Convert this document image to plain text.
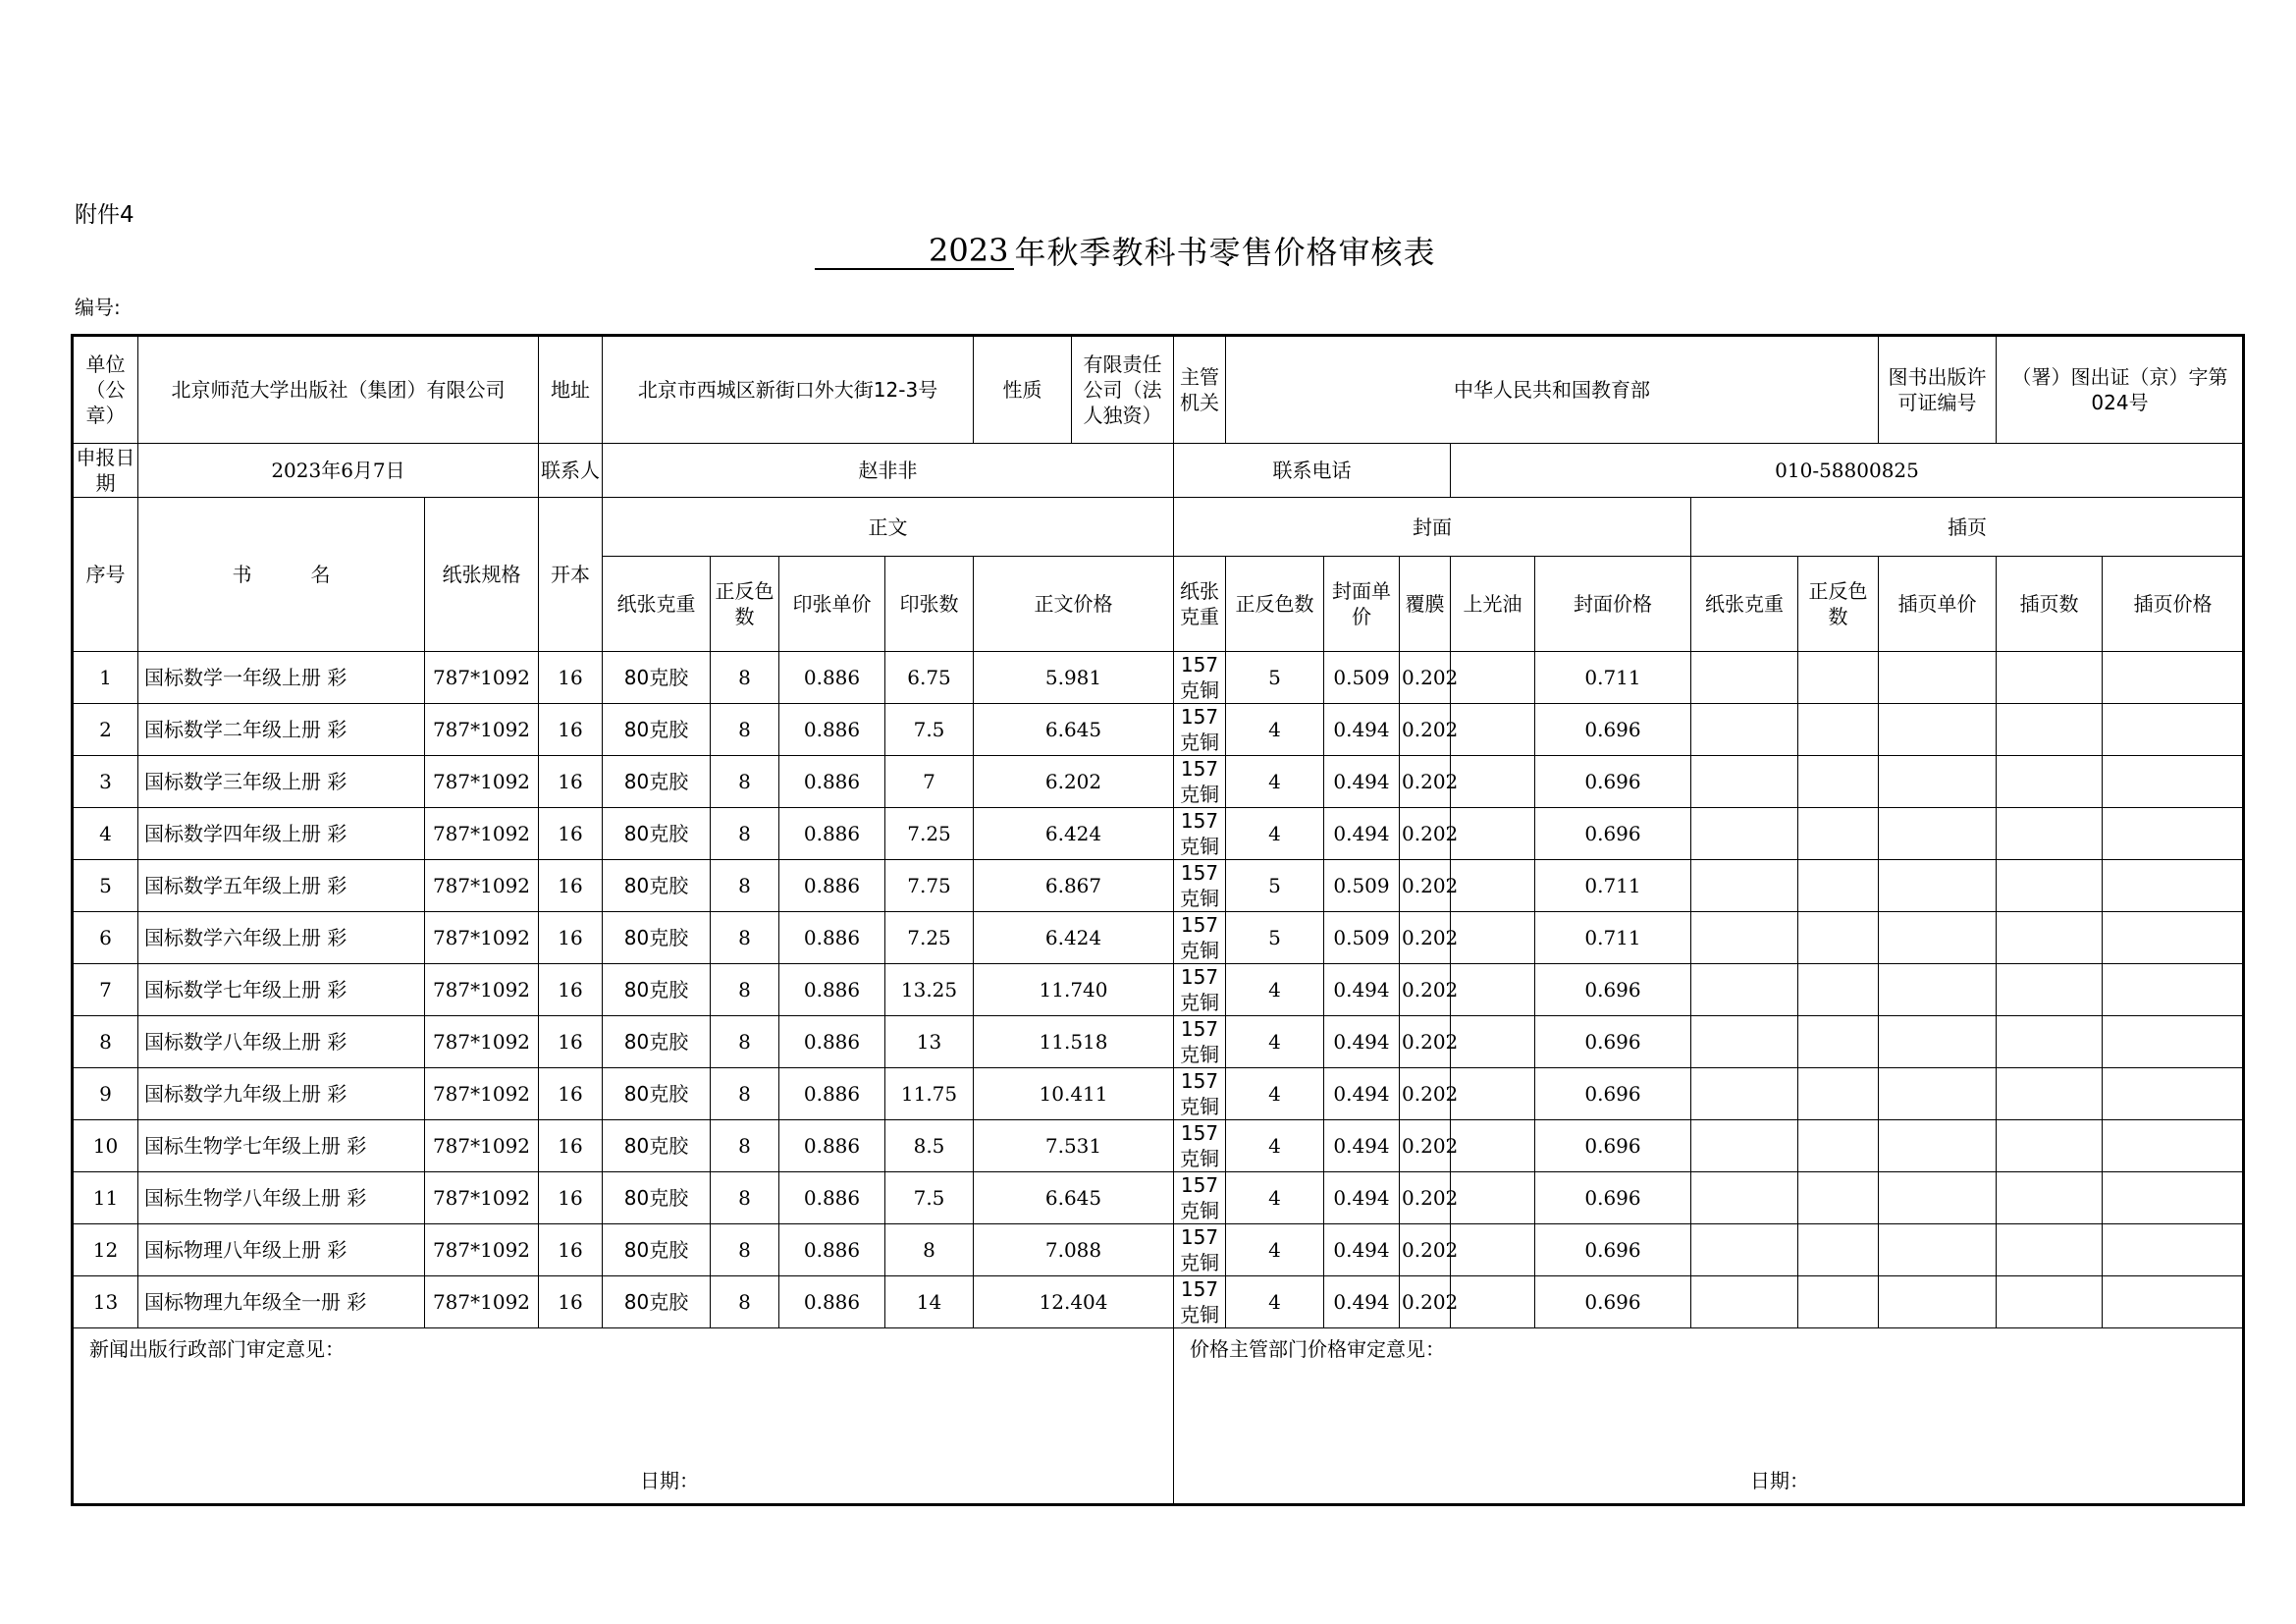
附件4
2023 年秋季教科书零售价格审核表
编号:
单位（公章）	北京师范大学出版社（集团）有限公司		地址	北京市西城区新街口外大街12-3号				性质	有限责任公司（法人独资）	主管机关	中华人民共和国教育部							图书出版许可证编号	（署）图出证（京）字第024号		
申报日期	2023年6月7日		联系人	赵非非						联系电话				010-58800825							
序号	书　　　名	纸张规格	开本	正文						封面						插页		
				纸张克重	正反色数	印张单价	印张数	正文价格		纸张克重	正反色数	封面单价	覆膜	上光油	封面价格	纸张克重	正反色数	插页单价	插页数	插页价格	
1	国标数学一年级上册 彩	787*1092	16	80克胶	8	0.886	6.75	5.981		157克铜	5	0.509	0.202		0.711							
2	国标数学二年级上册 彩	787*1092	16	80克胶	8	0.886	7.5	6.645		157克铜	4	0.494	0.202		0.696							
3	国标数学三年级上册 彩	787*1092	16	80克胶	8	0.886	7	6.202		157克铜	4	0.494	0.202		0.696							
4	国标数学四年级上册 彩	787*1092	16	80克胶	8	0.886	7.25	6.424		157克铜	4	0.494	0.202		0.696							
5	国标数学五年级上册 彩	787*1092	16	80克胶	8	0.886	7.75	6.867		157克铜	5	0.509	0.202		0.711							
6	国标数学六年级上册 彩	787*1092	16	80克胶	8	0.886	7.25	6.424		157克铜	5	0.509	0.202		0.711							
7	国标数学七年级上册 彩	787*1092	16	80克胶	8	0.886	13.25	11.740		157克铜	4	0.494	0.202		0.696							
8	国标数学八年级上册 彩	787*1092	16	80克胶	8	0.886	13	11.518		157克铜	4	0.494	0.202		0.696							
9	国标数学九年级上册 彩	787*1092	16	80克胶	8	0.886	11.75	10.411		157克铜	4	0.494	0.202		0.696							
10	国标生物学七年级上册 彩	787*1092	16	80克胶	8	0.886	8.5	7.531		157克铜	4	0.494	0.202		0.696							
11	国标生物学八年级上册 彩	787*1092	16	80克胶	8	0.886	7.5	6.645		157克铜	4	0.494	0.202		0.696							
12	国标物理八年级上册 彩	787*1092	16	80克胶	8	0.886	8	7.088		157克铜	4	0.494	0.202		0.696							
13	国标物理九年级全一册 彩	787*1092	16	80克胶	8	0.886	14	12.404		157克铜	4	0.494	0.202		0.696							

新闻出版行政部门审定意见：
日期：										价格主管部门价格审定意见：
日期：											
